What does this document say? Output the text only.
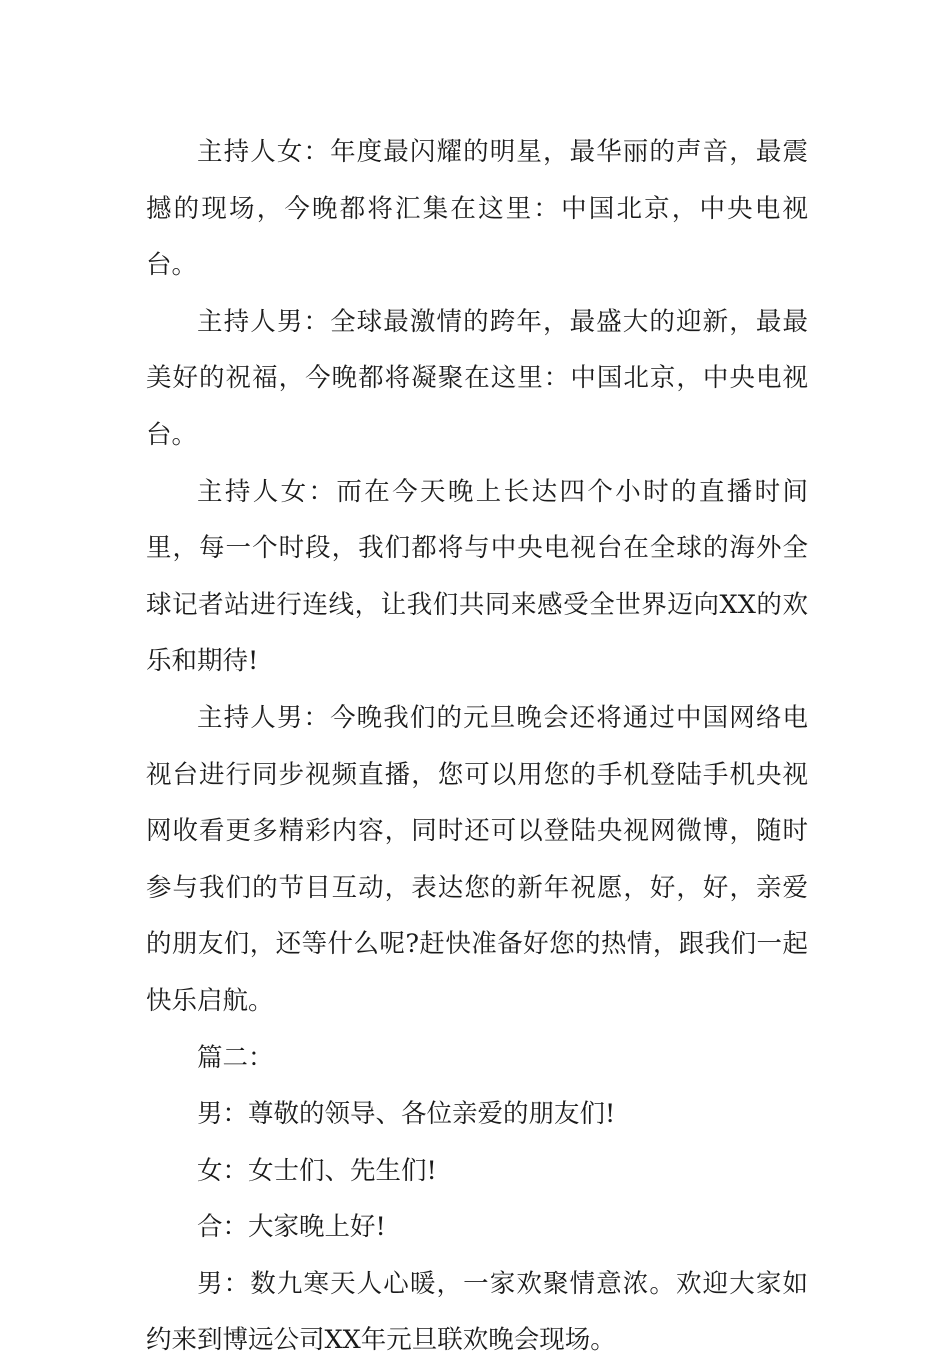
主持人女：年度最闪耀的明星，最华丽的声音，最震撼的现场，今晚都将汇集在这里：中国北京，中央电视台。

主持人男：全球最激情的跨年，最盛大的迎新，最最美好的祝福，今晚都将凝聚在这里：中国北京，中央电视台。

主持人女：而在今天晚上长达四个小时的直播时间里，每一个时段，我们都将与中央电视台在全球的海外全球记者站进行连线，让我们共同来感受全世界迈向XX的欢乐和期待!

主持人男：今晚我们的元旦晚会还将通过中国网络电视台进行同步视频直播，您可以用您的手机登陆手机央视网收看更多精彩内容，同时还可以登陆央视网微博，随时参与我们的节目互动，表达您的新年祝愿，好，好，亲爱的朋友们，还等什么呢?赶快准备好您的热情，跟我们一起快乐启航。

篇二：

男：尊敬的领导、各位亲爱的朋友们!

女：女士们、先生们!

合：大家晚上好!

男：数九寒天人心暖，一家欢聚情意浓。欢迎大家如约来到博远公司XX年元旦联欢晚会现场。
